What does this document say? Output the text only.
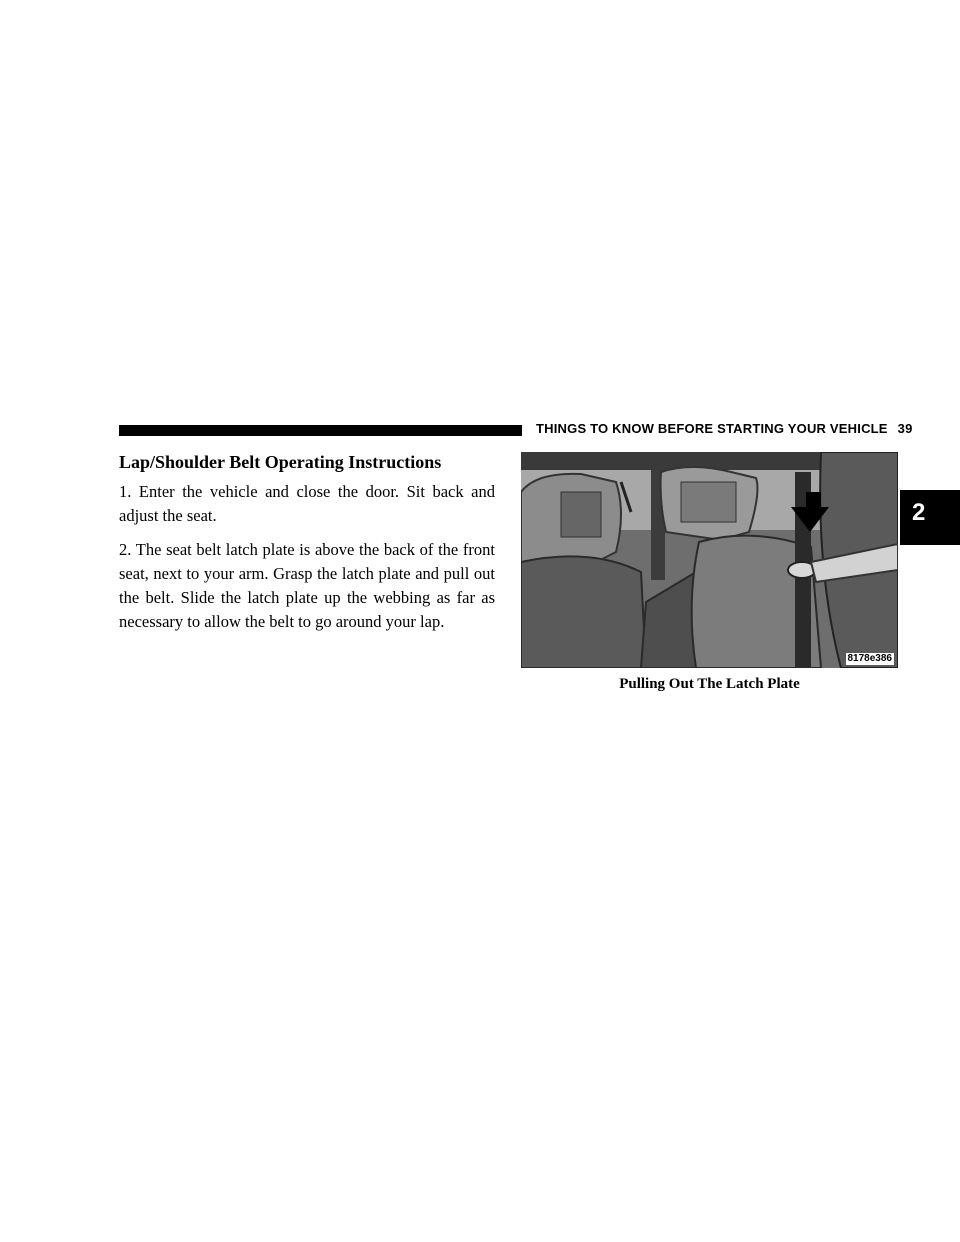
THINGS TO KNOW BEFORE STARTING YOUR VEHICLE 39
Lap/Shoulder Belt Operating Instructions

1. Enter the vehicle and close the door. Sit back and adjust the seat.

2. The seat belt latch plate is above the back of the front seat, next to your arm. Grasp the latch plate and pull out the belt. Slide the latch plate up the webbing as far as necessary to allow the belt to go around your lap.

8178e386
Pulling Out The Latch Plate
2
